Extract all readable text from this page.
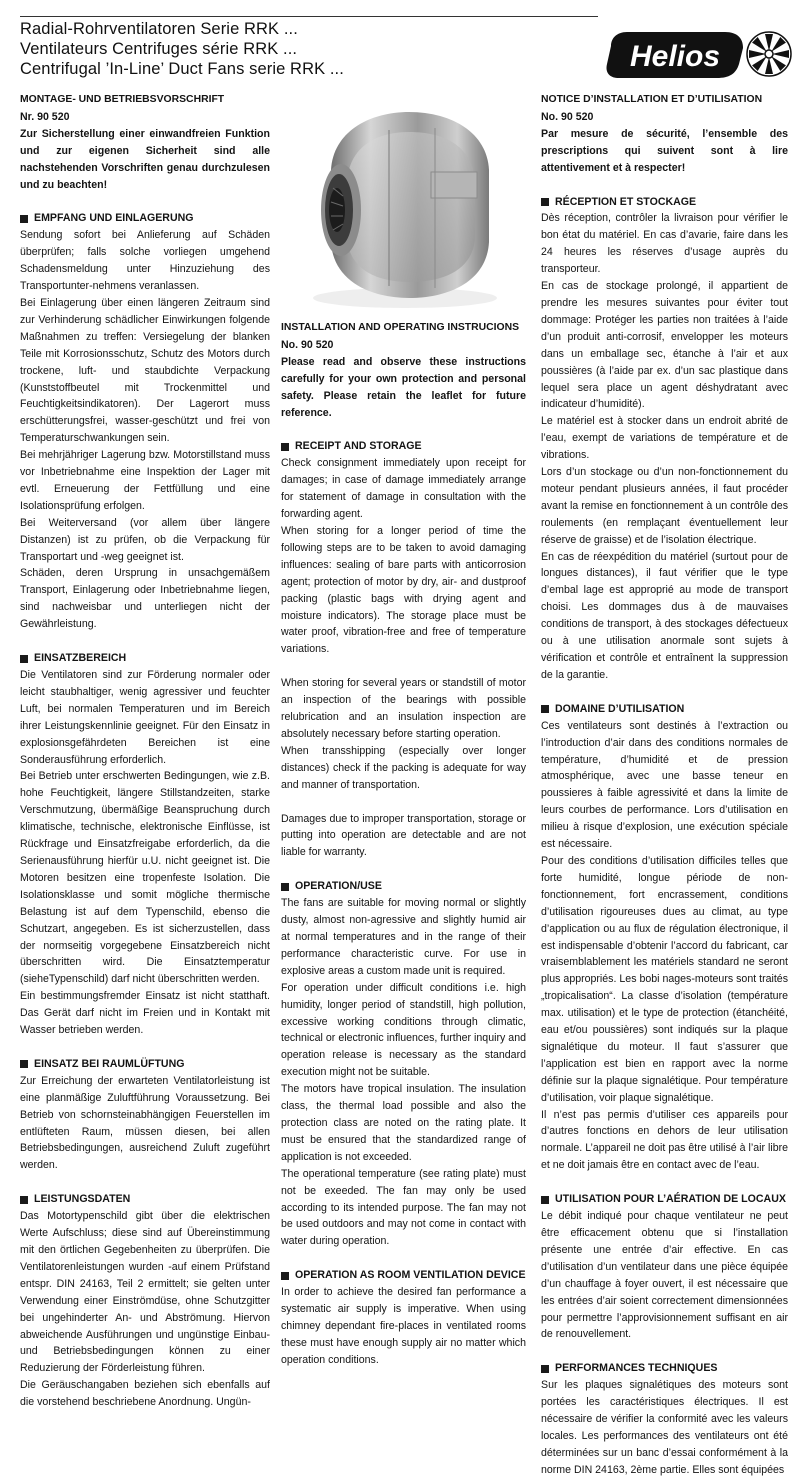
Radial-Rohrventilatoren Serie RRK ...
Ventilateurs Centrifuges série RRK ...
Centrifugal ’In-Line’ Duct Fans serie RRK ...	Helios

MONTAGE- UND BETRIEBSVORSCHRIFT

Nr. 90 520

Zur Sicherstellung einer einwandfreien Funktion und zur eigenen Sicherheit sind alle nachstehenden Vorschriften genau durchzulesen und zu beachten!

EMPFANG UND EINLAGERUNG

Sendung sofort bei Anlieferung auf Schäden überprüfen; falls solche vorliegen umgehend Schadensmeldung unter Hinzuziehung des Transportunter-nehmens veranlassen.

Bei Einlagerung über einen längeren Zeitraum sind zur Verhinderung schädlicher Einwirkungen folgende Maßnahmen zu treffen: Versiegelung der blanken Teile mit Korrosionsschutz, Schutz des Motors durch trockene, luft- und staubdichte Verpackung (Kunststoffbeutel mit Trockenmittel und Feuchtigkeitsindikatoren). Der Lagerort muss erschütterungsfrei, wasser-geschützt und frei von Temperaturschwankungen sein.

Bei mehrjähriger Lagerung bzw. Motorstillstand muss vor Inbetriebnahme eine Inspektion der Lager mit evtl. Erneuerung der Fettfüllung und eine Isolationsprüfung erfolgen.

Bei Weiterversand (vor allem über längere Distanzen) ist zu prüfen, ob die Verpackung für Transportart und -weg geeignet ist.

Schäden, deren Ursprung in unsachgemäßem Transport, Einlagerung oder Inbetriebnahme liegen, sind nachweisbar und unterliegen nicht der Gewährleistung.

EINSATZBEREICH

Die Ventilatoren sind zur Förderung normaler oder leicht staubhaltiger, wenig agressiver und feuchter Luft, bei normalen Temperaturen und im Bereich ihrer Leistungskennlinie geeignet. Für den Einsatz in explosionsgefährdeten Bereichen ist eine Sonderausführung erforderlich.

Bei Betrieb unter erschwerten Bedingungen, wie z.B. hohe Feuchtigkeit, längere Stillstandzeiten, starke Verschmutzung, übermäßige Beanspruchung durch klimatische, technische, elektronische Einflüsse, ist Rückfrage und Einsatzfreigabe erforderlich, da die Serienausführung hierfür u.U. nicht geeignet ist. Die Motoren besitzen eine tropenfeste Isolation. Die Isolationsklasse und somit mögliche thermische Belastung ist auf dem Typenschild, ebenso die Schutzart, angegeben. Es ist sicherzustellen, dass der normseitig vorgegebene Einsatzbereich nicht überschritten wird. Die Einsatztemperatur (sieheTypenschild) darf nicht überschritten werden.

Ein bestimmungsfremder Einsatz ist nicht statthaft. Das Gerät darf nicht im Freien und in Kontakt mit Wasser betrieben werden.

EINSATZ BEI RAUMLÜFTUNG

Zur Erreichung der erwarteten Ventilatorleistung ist eine planmäßige Zuluftführung Voraussetzung. Bei Betrieb von schornsteinabhängigen Feuerstellen im entlüfteten Raum, müssen diesen, bei allen Betriebsbedingungen, ausreichend Zuluft zugeführt werden.

LEISTUNGSDATEN

Das Motortypenschild gibt über die elektrischen Werte Aufschluss; diese sind auf Übereinstimmung mit den örtlichen Gegebenheiten zu überprüfen. Die Ventilatorenleistungen wurden -auf einem Prüfstand entspr. DIN 24163, Teil 2 ermittelt; sie gelten unter Verwendung einer Einströmdüse, ohne Schutzgitter bei ungehinderter An- und Abströmung. Hiervon abweichende Ausführungen und ungünstige Einbau- und Betriebsbedingungen können zu einer Reduzierung der Förderleistung führen.

Die Geräuschangaben beziehen sich ebenfalls auf die vorstehend beschriebene Anordnung. Ungün-

INSTALLATION AND OPERATING INSTRUCIONS

No. 90 520

Please read and observe these instructions carefully for your own protection and personal safety. Please retain the leaflet for future reference.

RECEIPT AND STORAGE

Check consignment immediately upon receipt for damages; in case of damage immediately arrange for statement of damage in consultation with the forwarding agent.

When storing for a longer period of time the following steps are to be taken to avoid damaging influences: sealing of bare parts with anticorrosion agent; protection of motor by dry, air- and dustproof packing (plastic bags with drying agent and moisture indicators). The storage place must be water proof, vibration-free and free of temperature variations.

When storing for several years or standstill of motor an inspection of the bearings with possible relubrication and an insulation inspection are absolutely necessary before starting operation.

When transshipping (especially over longer distances) check if the packing is adequate for way and manner of transportation.

Damages due to improper transportation, storage or putting into operation are detectable and are not liable for warranty.

OPERATION/USE

The fans are suitable for moving normal or slightly dusty, almost non-agressive and slightly humid air at normal temperatures and in the range of their performance characteristic curve. For use in explosive areas a custom made unit is required.

For operation under difficult conditions i.e. high humidity, longer period of standstill, high pollution, excessive working conditions through climatic, technical or electronic influences, further inquiry and operation release is necessary as the standard execution might not be suitable.

The motors have tropical insulation. The insulation class, the thermal load possible and also the protection class are noted on the rating plate. It must be ensured that the standardized range of application is not exceeded.

The operational temperature (see rating plate) must not be exeeded. The fan may only be used according to its intended purpose. The fan may not be used outdoors and may not come in contact with water during operation.

OPERATION AS ROOM VENTILATION DEVICE

In order to achieve the desired fan performance a systematic air supply is imperative. When using chimney dependant fire-places in ventilated rooms these must have enough supply air no matter which operation conditions.

NOTICE D’INSTALLATION ET D’UTILISATION

No. 90 520

Par mesure de sécurité, l’ensemble des prescriptions qui suivent sont à lire attentivement et à respecter!

RÉCEPTION ET STOCKAGE

Dès réception, contrôler la livraison pour vérifier le bon état du matériel. En cas d’avarie, faire dans les 24 heures les réserves d’usage auprès du transporteur.

En cas de stockage prolongé, il appartient de prendre les mesures suivantes pour éviter tout dommage: Protéger les parties non traitées à l’aide d’un produit anti-corrosif, envelopper les moteurs dans un emballage sec, étanche à l’air et aux poussières (à l’aide par ex. d’un sac plastique dans lequel sera place un agent déshydratant avec indicateur d’humidité).

Le matériel est à stocker dans un endroit abrité de l’eau, exempt de variations de température et de vibrations.

Lors d’un stockage ou d’un non-fonctionnement du moteur pendant plusieurs années, il faut procéder avant la remise en fonctionnement à un contrôle des roulements (en remplaçant éventuellement leur réserve de graisse) et de l’isolation électrique.

En cas de réexpédition du matériel (surtout pour de longues distances), il faut vérifier que le type d’embal lage est approprié au mode de transport choisi. Les dommages dus à de mauvaises conditions de transport, à des stockages défectueux ou à une utilisation anormale sont sujets à vérification et contrôle et entraînent la suppression de la garantie.

DOMAINE D’UTILISATION

Ces ventilateurs sont destinés à l’extraction ou l’introduction d’air dans des conditions normales de température, d’humidité et de pression atmosphérique, avec une basse teneur en poussieres à faible agressivité et dans la limite de leurs courbes de performance. Lors d’utilisation en milieu à risque d’explosion, une exécution spéciale est nécessaire.

Pour des conditions d’utilisation difficiles telles que forte humidité, longue période de non-fonctionnement, fort encrassement, conditions d’utilisation rigoureuses dues au climat, au type d’application ou au flux de régulation électronique, il est indispensable d’obtenir l’accord du fabricant, car vraisemblablement les matériels standard ne seront plus appropriés. Les bobi nages-moteurs sont traités „tropicalisation“. La classe d’isolation (température max. utilisation) et le type de protection (étanchéité, eau et/ou poussières) sont indiqués sur la plaque signalétique du moteur. Il faut s’assurer que l’application est bien en rapport avec la norme définie sur la plaque signalétique. Pour température d’utilisation, voir plaque signalétique.

Il n’est pas permis d’utiliser ces appareils pour d’autres fonctions en dehors de leur utilisation normale. L’appareil ne doit pas être utilisé à l’air libre et ne doit jamais être en contact avec de l’eau.

UTILISATION POUR L’AÉRATION DE LOCAUX

Le débit indiqué pour chaque ventilateur ne peut être efficacement obtenu que si l’installation présente une entrée d’air effective. En cas d’utilisation d’un ventilateur dans une pièce équipée d’un chauffage à foyer ouvert, il est nécessaire que les entrées d’air soient correctement dimensionnées pour permettre l’approvisionnement suffisant en air de renouvellement.

PERFORMANCES TECHNIQUES

Sur les plaques signalétiques des moteurs sont portées les caractéristiques électriques. Il est nécessaire de vérifier la conformité avec les valeurs locales. Les performances des ventilateurs ont été déterminées sur un banc d’essai conformément à la norme DIN 24163, 2ème partie. Elles sont équipées
